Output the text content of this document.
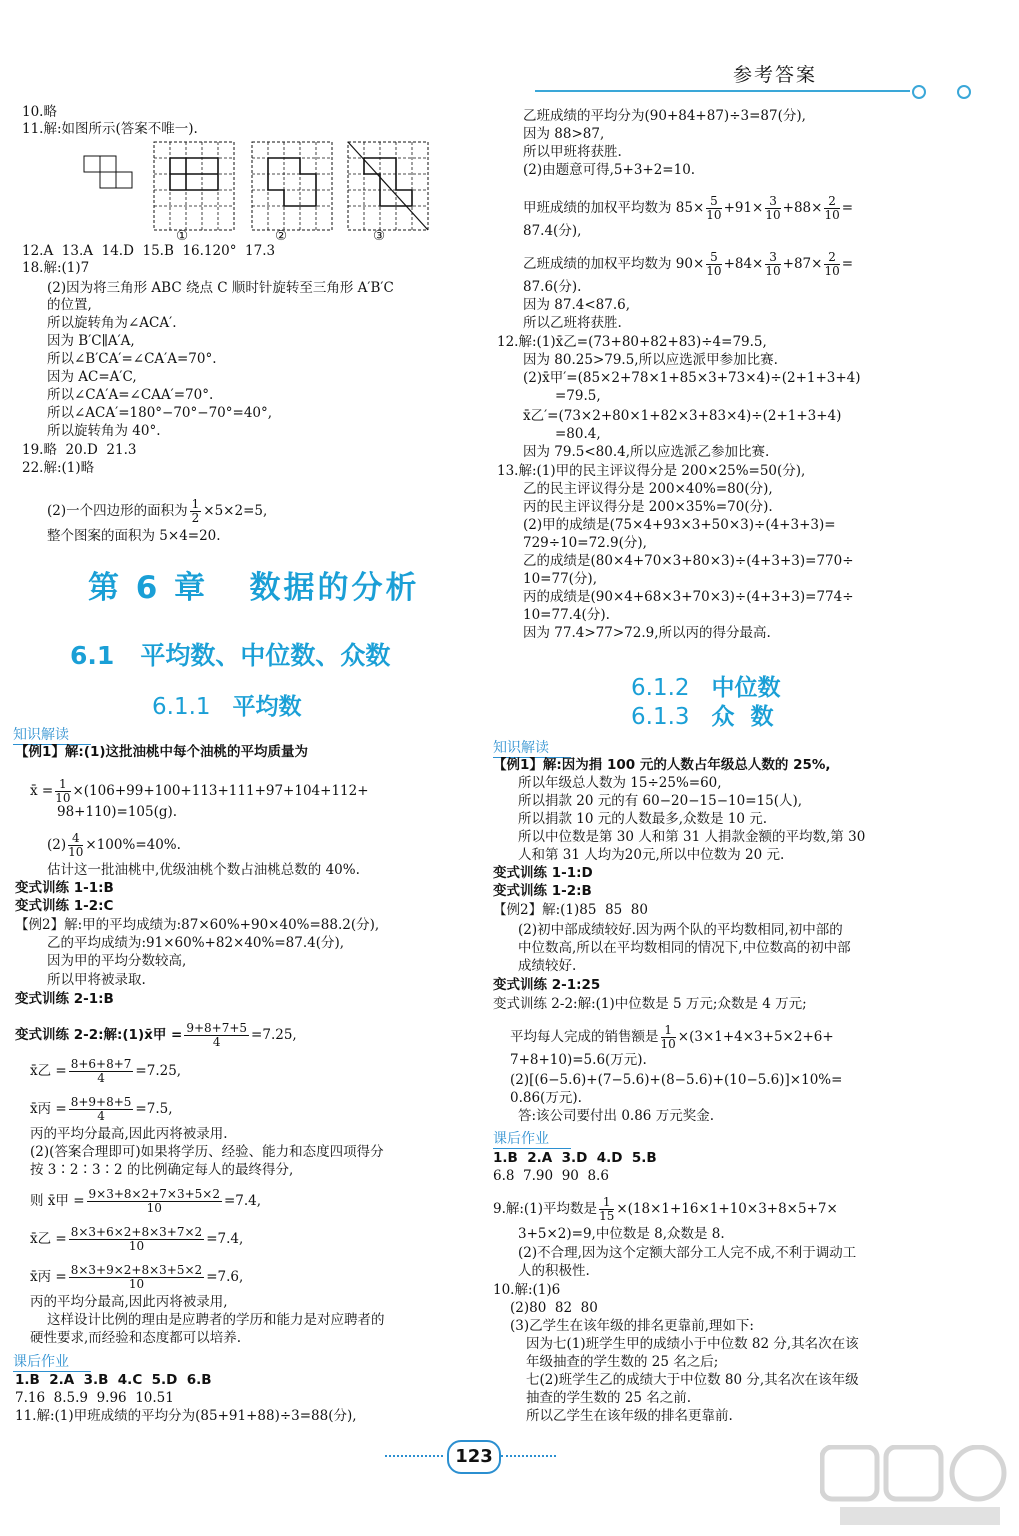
参考答案
10.略
11.解:如图所示(答案不唯一).
①	②	③
12.A  13.A  14.D  15.B  16.120°  17.3
18.解:(1)7
(2)因为将三角形 ABC 绕点 C 顺时针旋转至三角形 A′B′C
的位置,
所以旋转角为∠ACA′.
因为 B′C∥A′A,
所以∠B′CA′=∠CA′A=70°.
因为 AC=A′C,
所以∠CA′A=∠CAA′=70°.
所以∠ACA′=180°−70°−70°=40°,
所以旋转角为 40°.
19.略  20.D  21.3
22.解:(1)略
(2)一个四边形的面积为 $\frac{1}{2} \times 5\times 2=5$,
整个图案的面积为 5×4=20.
第 6 章   数据的分析
6.1   平均数、中位数、众数
6.1.1 平均数
知识解读
【例1】解:(1)这批油桃中每个油桃的平均质量为
x̄ = $\frac{1}{10} \times(106+99+100+113+111+97+104+112+$
98+110)=105(g).
$(2) \frac{4}{10} \times 100\%=40\%$.
估计这一批油桃中,优级油桃个数占油桃总数的 40%.
变式训练 1-1:B
变式训练 1-2:C
【例2】解:甲的平均成绩为:87×60%+90×40%=88.2(分),
乙的平均成绩为:91×60%+82×40%=87.4(分),
因为甲的平均分数较高,
所以甲将被录取.
变式训练 2-1:B
变式训练 2-2:解:(1)x̄甲 = $\frac{9+8+7+5}{4} =7.25$,
x̄乙 = $\frac{8+6+8+7}{4} =7.25$,
x̄丙 = $\frac{8+9+8+5}{4} =7.5$,
丙的平均分最高,因此丙将被录用.
(2)(答案合理即可)如果将学历、经验、能力和态度四项得分
按 3∶2∶3∶2 的比例确定每人的最终得分,
则 x̄甲 = $\frac{9\times 3+8\times 2+7\times 3+5\times 2}{10} =7.4$,
x̄乙 = $\frac{8\times 3+6\times 2+8\times 3+7\times 2}{10} =7.4$,
x̄丙 = $\frac{8\times 3+9\times 2+8\times 3+5\times 2}{10} =7.6$,
丙的平均分最高,因此丙将被录用,
这样设计比例的理由是应聘者的学历和能力是对应聘者的
硬性要求,而经验和态度都可以培养.
课后作业
1.B  2.A  3.B  4.C  5.D  6.B
7.16  8.5.9  9.96  10.51
11.解:(1)甲班成绩的平均分为(85+91+88)÷3=88(分),
乙班成绩的平均分为(90+84+87)÷3=87(分),
因为 88>87,
所以甲班将获胜.
(2)由题意可得,5+3+2=10.
甲班成绩的加权平均数为 $85\times \frac{5}{10} +91\times \frac{3}{10} +88\times \frac{2}{10}$ =
87.4(分),
乙班成绩的加权平均数为 $90\times \frac{5}{10} +84\times \frac{3}{10} +87\times \frac{2}{10}$ =
87.6(分).
因为 87.4<87.6,
所以乙班将获胜.
12.解:(1)x̄乙=(73+80+82+83)÷4=79.5,
因为 80.25>79.5,所以应选派甲参加比赛.
(2)x̄甲′=(85×2+78×1+85×3+73×4)÷(2+1+3+4)
=79.5,
x̄乙′=(73×2+80×1+82×3+83×4)÷(2+1+3+4)
=80.4,
因为 79.5<80.4,所以应选派乙参加比赛.
13.解:(1)甲的民主评议得分是 200×25%=50(分),
乙的民主评议得分是 200×40%=80(分),
丙的民主评议得分是 200×35%=70(分).
(2)甲的成绩是(75×4+93×3+50×3)÷(4+3+3)=
729÷10=72.9(分),
乙的成绩是(80×4+70×3+80×3)÷(4+3+3)=770÷
10=77(分),
丙的成绩是(90×4+68×3+70×3)÷(4+3+3)=774÷
10=77.4(分).
因为 77.4>77>72.9,所以丙的得分最高.
6.1.2 中位数
6.1.3 众  数
知识解读
【例1】解:因为捐 100 元的人数占年级总人数的 25%,
所以年级总人数为 15÷25%=60,
所以捐款 20 元的有 60−20−15−10=15(人),
所以捐款 10 元的人数最多,众数是 10 元.
所以中位数是第 30 人和第 31 人捐款金额的平均数,第 30
人和第 31 人均为20元,所以中位数为 20 元.
变式训练 1-1:D
变式训练 1-2:B
【例2】解:(1)85  85  80
(2)初中部成绩较好.因为两个队的平均数相同,初中部的
中位数高,所以在平均数相同的情况下,中位数高的初中部
成绩较好.
变式训练 2-1:25
变式训练 2-2:解:(1)中位数是 5 万元;众数是 4 万元;
平均每人完成的销售额是 $\frac{1}{10} \times(3\times 1+4\times 3+5\times 2+6+$
7+8+10)=5.6(万元).
(2)[(6−5.6)+(7−5.6)+(8−5.6)+(10−5.6)]×10%=
0.86(万元).
答:该公司要付出 0.86 万元奖金.
课后作业
1.B  2.A  3.D  4.D  5.B
6.8  7.90  90  8.6
9.解:(1)平均数是 $\frac{1}{15} \times(18\times 1+16\times 1+10\times 3+8\times 5+7\times$
3+5×2)=9,中位数是 8,众数是 8.
(2)不合理,因为这个定额大部分工人完不成,不利于调动工
人的积极性.
10.解:(1)6
(2)80  82  80
(3)乙学生在该年级的排名更靠前,理如下:
因为七(1)班学生甲的成绩小于中位数 82 分,其名次在该
年级抽查的学生数的 25 名之后;
七(2)班学生乙的成绩大于中位数 80 分,其名次在该年级
抽查的学生数的 25 名之前.
所以乙学生在该年级的排名更靠前.
123
